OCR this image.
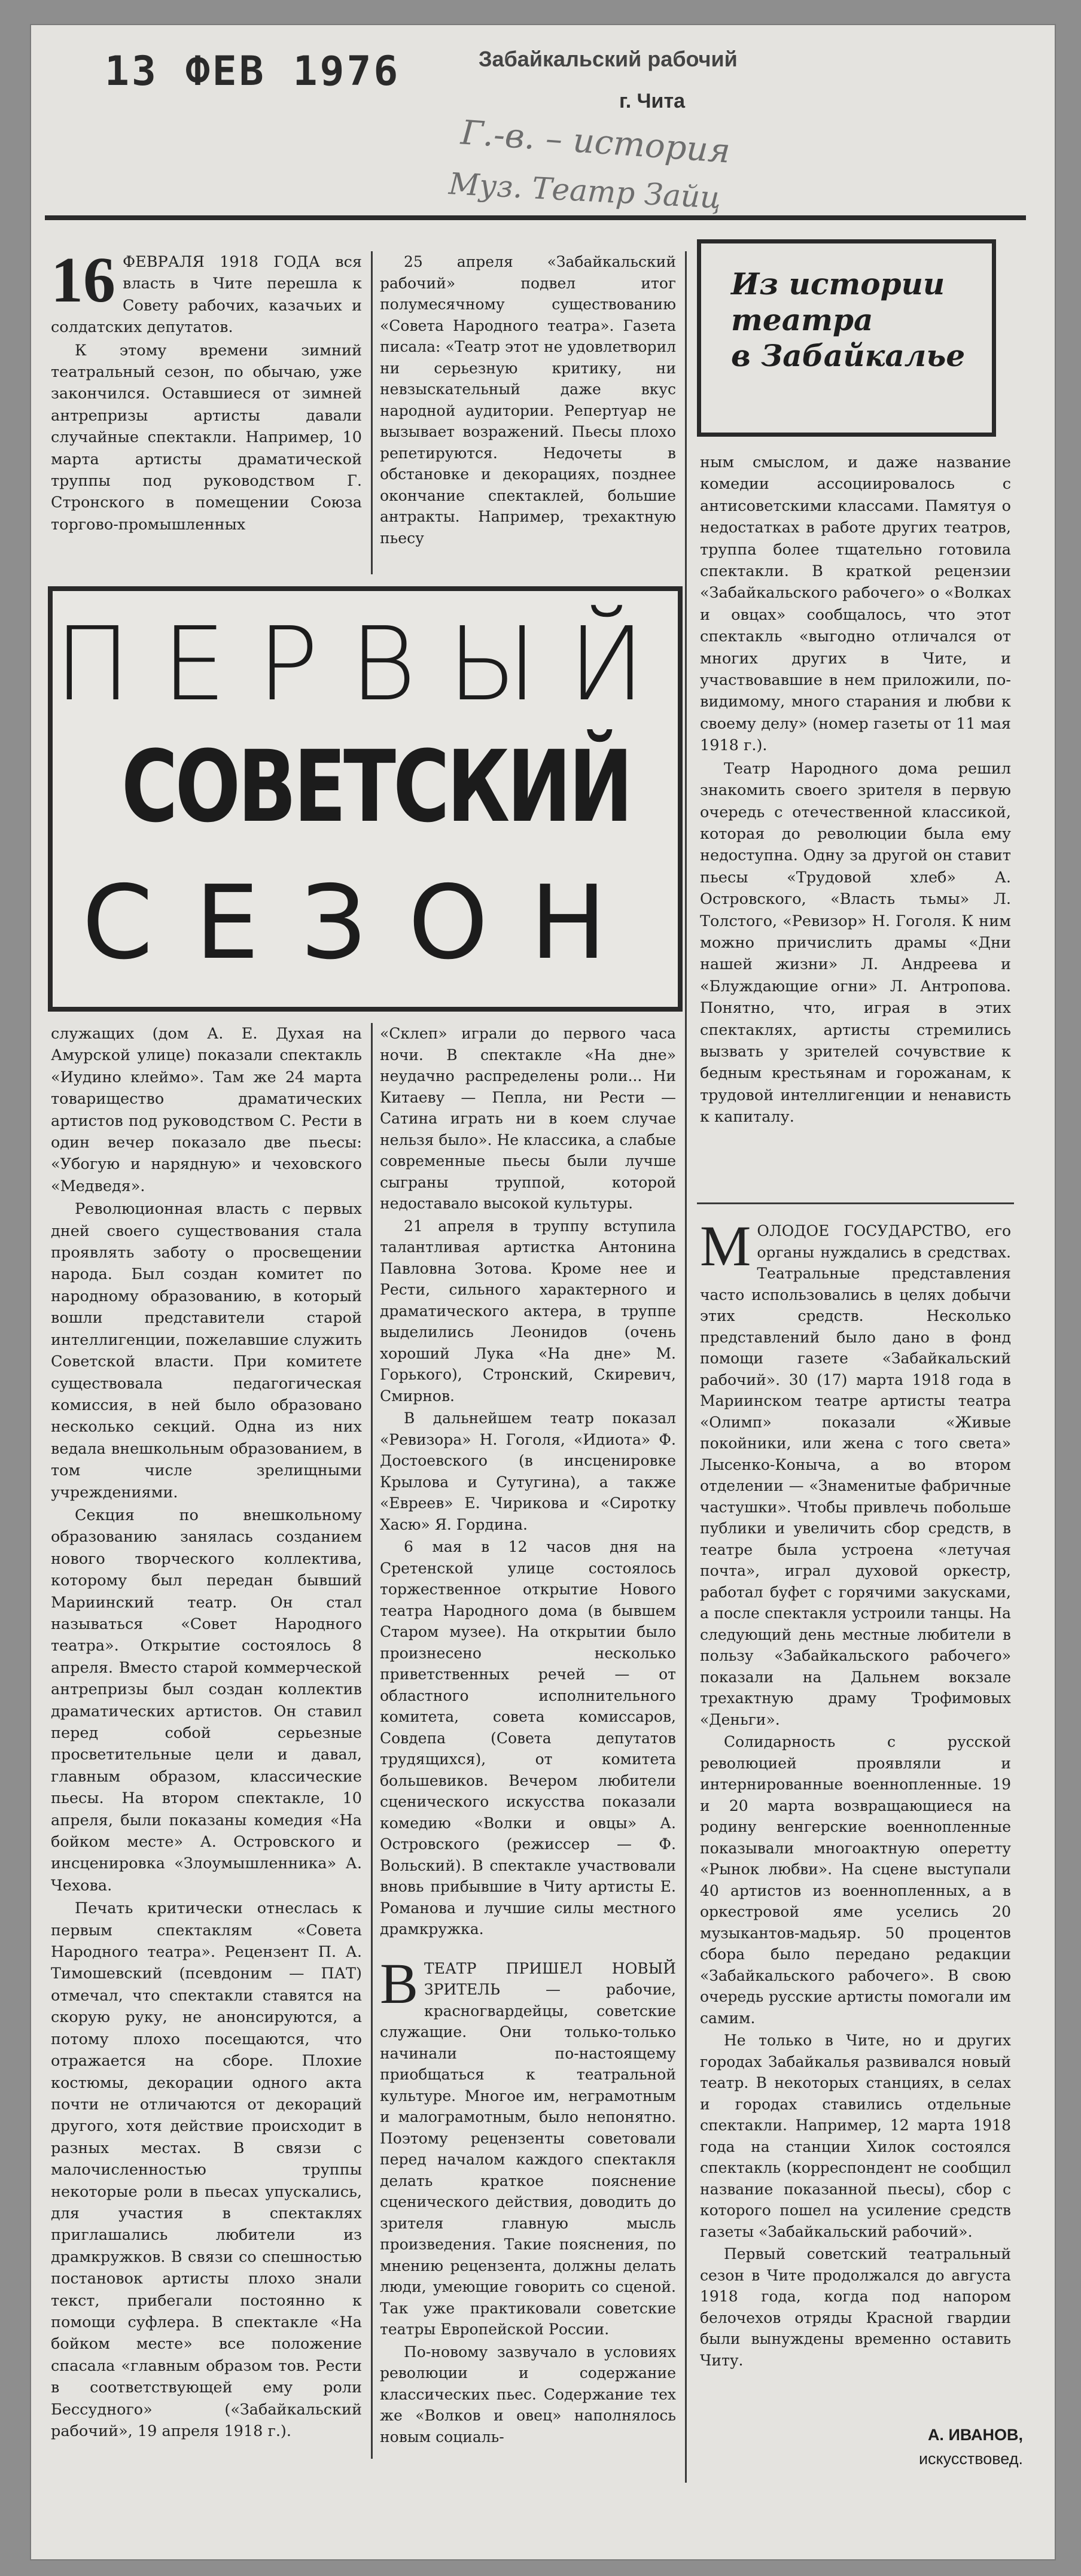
13 ФЕВ 1976	Забайкальский рабочий
г. Чита
Г.-в. – история
Муз. Театр Зайц
16 ФЕВРАЛЯ 1918 ГОДА вся власть в Чите перешла к Совету рабочих, казачьих и солдатских депутатов.

К этому времени зимний театральный сезон, по обычаю, уже закончился. Оставшиеся от зимней антрепризы артисты давали случайные спектакли. Например, 10 марта артисты драматической труппы под руководством Г. Стронского в помещении Союза торгово-промышленных

25 апреля «Забайкальский рабочий» подвел итог полумесячному существованию «Совета Народного театра». Газета писала: «Театр этот не удовлетворил ни серьезную критику, ни невзыскательный даже вкус народной аудитории. Репертуар не вызывает возражений. Пьесы плохо репетируются. Недочеты в обстановке и декорациях, позднее окончание спектаклей, большие антракты. Например, трехактную пьесу

Из истории
театра
в Забайкалье

ным смыслом, и даже название комедии ассоциировалось с антисоветскими классами. Памятуя о недостатках в работе других театров, труппа более тщательно готовила спектакли. В краткой рецензии «Забайкальского рабочего» о «Волках и овцах» сообщалось, что этот спектакль «выгодно отличался от многих других в Чите, и участвовавшие в нем приложили, по-видимому, много старания и любви к своему делу» (номер газеты от 11 мая 1918 г.).

Театр Народного дома решил знакомить своего зрителя в первую очередь с отечественной классикой, которая до революции была ему недоступна. Одну за другой он ставит пьесы «Трудовой хлеб» А. Островского, «Власть тьмы» Л. Толстого, «Ревизор» Н. Гоголя. К ним можно причислить драмы «Дни нашей жизни» Л. Андреева и «Блуждающие огни» Л. Антропова. Понятно, что, играя в этих спектаклях, артисты стремились вызвать у зрителей сочувствие к бедным крестьянам и горожанам, к трудовой интеллигенции и ненависть к капиталу.

ПЕРВЫЙ
СОВЕТСКИЙ
СЕЗОН

служащих (дом А. Е. Духая на Амурской улице) показали спектакль «Иудино клеймо». Там же 24 марта товарищество драматических артистов под руководством С. Рести в один вечер показало две пьесы: «Убогую и нарядную» и чеховского «Медведя».

Революционная власть с первых дней своего существования стала проявлять заботу о просвещении народа. Был создан комитет по народному образованию, в который вошли представители старой интеллигенции, пожелавшие служить Советской власти. При комитете существовала педагогическая комиссия, в ней было образовано несколько секций. Одна из них ведала внешкольным образованием, в том числе зрелищными учреждениями.

Секция по внешкольному образованию занялась созданием нового творческого коллектива, которому был передан бывший Мариинский театр. Он стал называться «Совет Народного театра». Открытие состоялось 8 апреля. Вместо старой коммерческой антрепризы был создан коллектив драматических артистов. Он ставил перед собой серьезные просветительные цели и давал, главным образом, классические пьесы. На втором спектакле, 10 апреля, были показаны комедия «На бойком месте» А. Островского и инсценировка «Злоумышленника» А. Чехова.

Печать критически отнеслась к первым спектаклям «Совета Народного театра». Рецензент П. А. Тимошевский (псевдоним — ПАТ) отмечал, что спектакли ставятся на скорую руку, не анонсируются, а потому плохо посещаются, что отражается на сборе. Плохие костюмы, декорации одного акта почти не отличаются от декораций другого, хотя действие происходит в разных местах. В связи с малочисленностью труппы некоторые роли в пьесах упускались, для участия в спектаклях приглашались любители из драмкружков. В связи со спешностью постановок артисты плохо знали текст, прибегали постоянно к помощи суфлера. В спектакле «На бойком месте» все положение спасала «главным образом тов. Рести в соответствующей ему роли Бессудного» («Забайкальский рабочий», 19 апреля 1918 г.).

«Склеп» играли до первого часа ночи. В спектакле «На дне» неудачно распределены роли... Ни Китаеву — Пепла, ни Рести — Сатина играть ни в коем случае нельзя было». Не классика, а слабые современные пьесы были лучше сыграны труппой, которой недоставало высокой культуры.

21 апреля в труппу вступила талантливая артистка Антонина Павловна Зотова. Кроме нее и Рести, сильного характерного и драматического актера, в труппе выделились Леонидов (очень хороший Лука «На дне» М. Горького), Стронский, Скиревич, Смирнов.

В дальнейшем театр показал «Ревизора» Н. Гоголя, «Идиота» Ф. Достоевского (в инсценировке Крылова и Сутугина), а также «Евреев» Е. Чирикова и «Сиротку Хасю» Я. Гордина.

6 мая в 12 часов дня на Сретенской улице состоялось торжественное открытие Нового театра Народного дома (в бывшем Старом музее). На открытии было произнесено несколько приветственных речей — от областного исполнительного комитета, совета комиссаров, Совдепа (Совета депутатов трудящихся), от комитета большевиков. Вечером любители сценического искусства показали комедию «Волки и овцы» А. Островского (режиссер — Ф. Вольский). В спектакле участвовали вновь прибывшие в Читу артисты Е. Романова и лучшие силы местного драмкружка.

В ТЕАТР ПРИШЕЛ НОВЫЙ ЗРИТЕЛЬ — рабочие, красногвардейцы, советские служащие. Они только-только начинали по-настоящему приобщаться к театральной культуре. Многое им, неграмотным и малограмотным, было непонятно. Поэтому рецензенты советовали перед началом каждого спектакля делать краткое пояснение сценического действия, доводить до зрителя главную мысль произведения. Такие пояснения, по мнению рецензента, должны делать люди, умеющие говорить со сценой. Так уже практиковали советские театры Европейской России.

По-новому зазвучало в условиях революции и содержание классических пьес. Содержание тех же «Волков и овец» наполнялось новым социаль-

М ОЛОДОЕ ГОСУДАРСТВО, его органы нуждались в средствах. Театральные представления часто использовались в целях добычи этих средств. Несколько представлений было дано в фонд помощи газете «Забайкальский рабочий». 30 (17) марта 1918 года в Мариинском театре артисты театра «Олимп» показали «Живые покойники, или жена с того света» Лысенко-Коныча, а во втором отделении — «Знаменитые фабричные частушки». Чтобы привлечь побольше публики и увеличить сбор средств, в театре была устроена «летучая почта», играл духовой оркестр, работал буфет с горячими закусками, а после спектакля устроили танцы. На следующий день местные любители в пользу «Забайкальского рабочего» показали на Дальнем вокзале трехактную драму Трофимовых «Деньги».

Солидарность с русской революцией проявляли и интернированные военнопленные. 19 и 20 марта возвращающиеся на родину венгерские военнопленные показывали многоактную оперетту «Рынок любви». На сцене выступали 40 артистов из военнопленных, а в оркестровой яме уселись 20 музыкантов-мадьяр. 50 процентов сбора было передано редакции «Забайкальского рабочего». В свою очередь русские артисты помогали им самим.

Не только в Чите, но и других городах Забайкалья развивался новый театр. В некоторых станциях, в селах и городах ставились отдельные спектакли. Например, 12 марта 1918 года на станции Хилок состоялся спектакль (корреспондент не сообщил название показанной пьесы), сбор с которого пошел на усиление средств газеты «Забайкальский рабочий».

Первый советский театральный сезон в Чите продолжался до августа 1918 года, когда под напором белочехов отряды Красной гвардии были вынуждены временно оставить Читу.

А. ИВАНОВ,
искусствовед.
